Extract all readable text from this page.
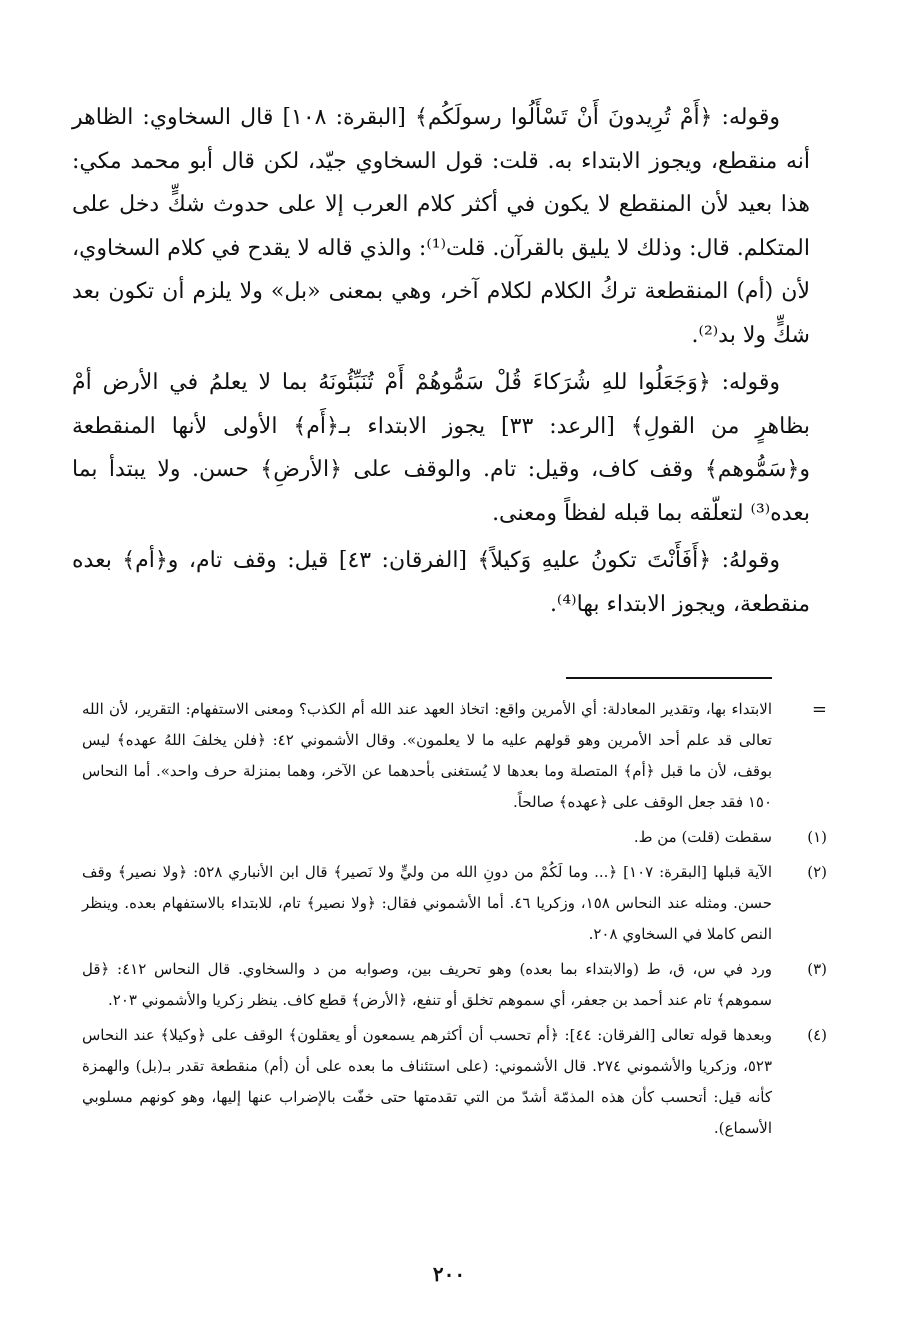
وقوله: ﴿أَمْ تُرِيدونَ أَنْ تَسْأَلُوا رسولَكُم﴾ [البقرة: ١٠٨] قال السخاوي: الظاهر أنه منقطع، ويجوز الابتداء به. قلت: قول السخاوي جيّد، لكن قال أبو محمد مكي: هذا بعيد لأن المنقطع لا يكون في أكثر كلام العرب إلا على حدوث شكٍّ دخل على المتكلم. قال: وذلك لا يليق بالقرآن. قلت⁽¹⁾: والذي قاله لا يقدح في كلام السخاوي، لأن (أم) المنقطعة تركُ الكلام لكلام آخر، وهي بمعنى «بل» ولا يلزم أن تكون بعد شكٍّ ولا بد⁽²⁾.

وقوله: ﴿وَجَعَلُوا للهِ شُرَكاءَ قُلْ سَمُّوهُمْ أَمْ تُنَبِّئُونَهُ بما لا يعلمُ في الأرض أمْ بظاهرٍ من القولِ﴾ [الرعد: ٣٣] يجوز الابتداء بـ﴿أَم﴾ الأولى لأنها المنقطعة و﴿سَمُّوهم﴾ وقف كاف، وقيل: تام. والوقف على ﴿الأرضِ﴾ حسن. ولا يبتدأ بما بعده⁽³⁾ لتعلّقه بما قبله لفظاً ومعنى.

وقولهُ: ﴿أَفَأَنْتَ تكونُ عليهِ وَكيلاً﴾ [الفرقان: ٤٣] قيل: وقف تام، و﴿أم﴾ بعده منقطعة، ويجوز الابتداء بها⁽⁴⁾.

=
الابتداء بها، وتقدير المعادلة: أي الأمرين واقع: اتخاذ العهد عند الله أم الكذب؟ ومعنى الاستفهام: التقرير، لأن الله تعالى قد علم أحد الأمرين وهو قولهم عليه ما لا يعلمون». وقال الأشموني ٤٢: ﴿فلن يخلفَ اللهُ عهده﴾ ليس بوقف، لأن ما قبل ﴿أم﴾ المتصلة وما بعدها لا يُستغنى بأحدهما عن الآخر، وهما بمنزلة حرف واحد». أما النحاس ١٥٠ فقد جعل الوقف على ﴿عهده﴾ صالحاً.
(١)
سقطت (قلت) من ط.
(٢)
الآية قبلها [البقرة: ١٠٧] ﴿... وما لَكُمْ من دونِ الله من وليٍّ ولا نَصير﴾ قال ابن الأنباري ٥٢٨: ﴿ولا نصير﴾ وقف حسن. ومثله عند النحاس ١٥٨، وزكريا ٤٦. أما الأشموني فقال: ﴿ولا نصير﴾ تام، للابتداء بالاستفهام بعده. وينظر النص كاملا في السخاوي ٢٠٨.
(٣)
ورد في س، ق، ط (والابتداء بما بعده) وهو تحريف بين، وصوابه من د والسخاوي. قال النحاس ٤١٢: ﴿قل سموهم﴾ تام عند أحمد بن جعفر، أي سموهم تخلق أو تنفع، ﴿الأرض﴾ قطع كاف. ينظر زكريا والأشموني ٢٠٣.
(٤)
وبعدها قوله تعالى [الفرقان: ٤٤]: ﴿أم تحسب أن أكثرهم يسمعون أو يعقلون﴾ الوقف على ﴿وكيلا﴾ عند النحاس ٥٢٣، وزكريا والأشموني ٢٧٤. قال الأشموني: (على استئناف ما بعده على أن (أم) منقطعة تقدر بـ(بل) والهمزة كأنه قيل: أتحسب كأن هذه المذمّة أشدّ من التي تقدمتها حتى خفّت بالإضراب عنها إليها، وهو كونهم مسلوبي الأسماع).
٢٠٠
